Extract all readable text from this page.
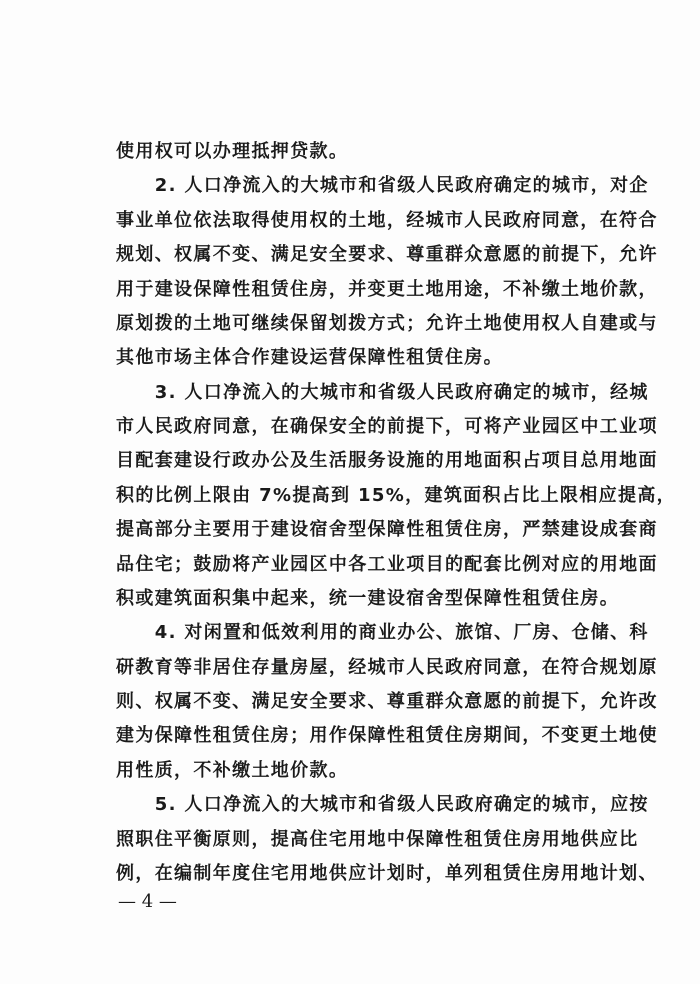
使用权可以办理抵押贷款。
　　2. 人口净流入的大城市和省级人民政府确定的城市，对企
事业单位依法取得使用权的土地，经城市人民政府同意，在符合
规划、权属不变、满足安全要求、尊重群众意愿的前提下，允许
用于建设保障性租赁住房，并变更土地用途，不补缴土地价款，
原划拨的土地可继续保留划拨方式；允许土地使用权人自建或与
其他市场主体合作建设运营保障性租赁住房。
　　3. 人口净流入的大城市和省级人民政府确定的城市，经城
市人民政府同意，在确保安全的前提下，可将产业园区中工业项
目配套建设行政办公及生活服务设施的用地面积占项目总用地面
积的比例上限由 7%提高到 15%，建筑面积占比上限相应提高，
提高部分主要用于建设宿舍型保障性租赁住房，严禁建设成套商
品住宅；鼓励将产业园区中各工业项目的配套比例对应的用地面
积或建筑面积集中起来，统一建设宿舍型保障性租赁住房。
　　4. 对闲置和低效利用的商业办公、旅馆、厂房、仓储、科
研教育等非居住存量房屋，经城市人民政府同意，在符合规划原
则、权属不变、满足安全要求、尊重群众意愿的前提下，允许改
建为保障性租赁住房；用作保障性租赁住房期间，不变更土地使
用性质，不补缴土地价款。
　　5. 人口净流入的大城市和省级人民政府确定的城市，应按
照职住平衡原则，提高住宅用地中保障性租赁住房用地供应比
例，在编制年度住宅用地供应计划时，单列租赁住房用地计划、
— 4 —
